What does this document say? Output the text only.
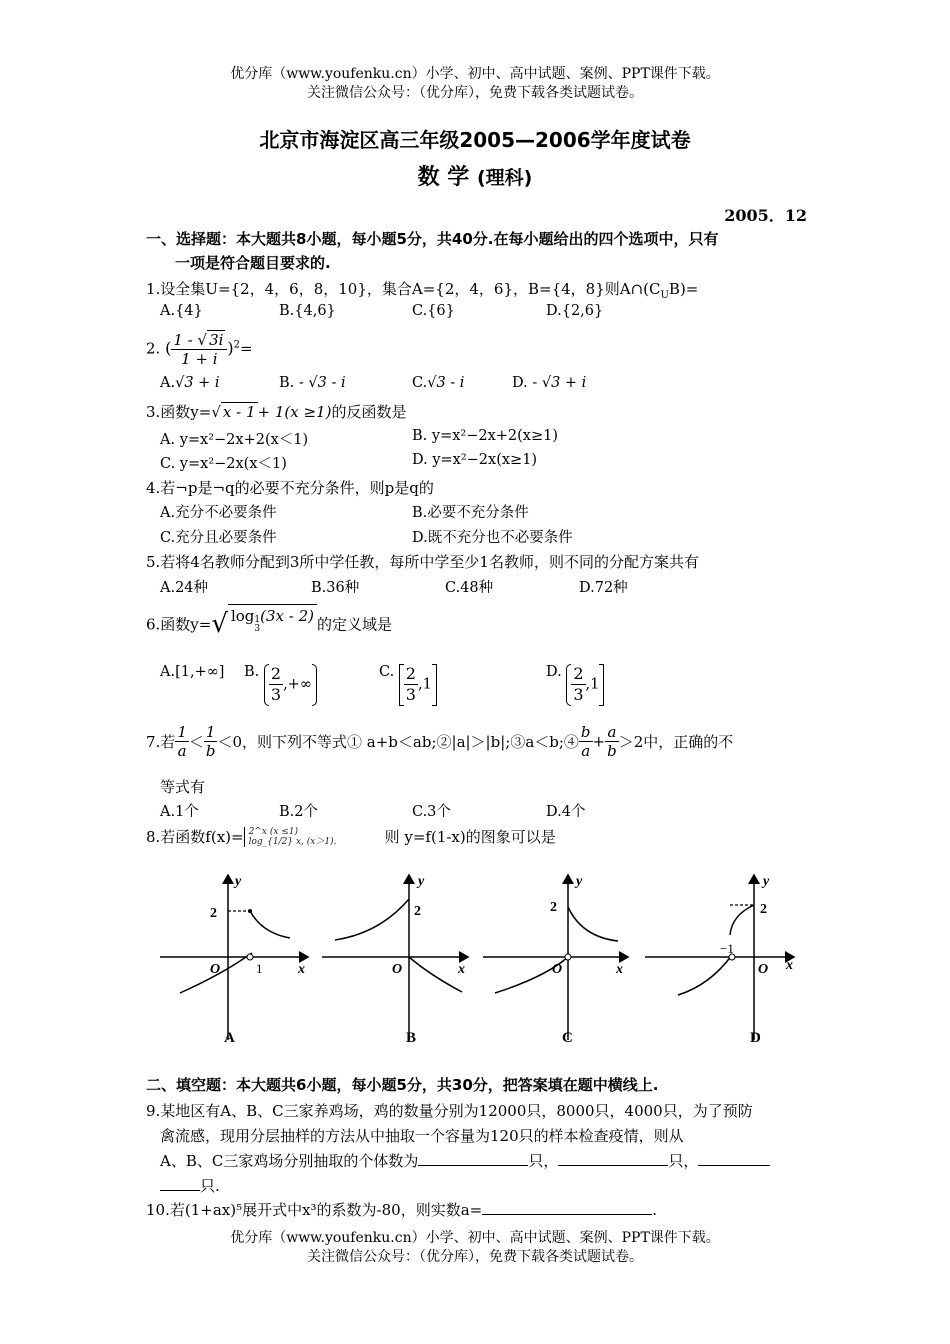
优分库（www.youfenku.cn）小学、初中、高中试题、案例、PPT课件下载。
关注微信公众号：（优分库），免费下载各类试题试卷。
北京市海淀区高三年级2005—2006学年度试卷
数 学 (理科)
2005．12
一、选择题：本大题共8小题，每小题5分，共40分.在每小题给出的四个选项中，只有
一项是符合题目要求的.
1.设全集U={2，4，6，8，10}，集合A={2，4，6}，B={4，8}则$A\cap(C_UB)=$
A.{4}	B.{4,6}	C.{6}	D.{2,6}
2. ( $\frac{1 - √ 3i}{1 + i} )^2=$
A.√3 + i	B. - √3 - i	C.√3 - i	D. - √3 + i
3.函数y=√ x - 1 + 1(x ≥1)的反函数是
A. y=x²−2x+2(x＜1)	B. y=x²−2x+2(x≥1)
C. y=x²−2x(x＜1)	D. y=x²−2x(x≥1)
4.若¬p是¬q的必要不充分条件，则p是q的
A.充分不必要条件	B.必要不充分条件
C.充分且必要条件	D.既不充分也不必要条件
5.若将4名教师分配到3所中学任教，每所中学至少1名教师，则不同的分配方案共有
A.24种	B.36种	C.48种	D.72种
6.函数y=√ log 1
3
(3x - 2) 的定义域是
A.[1,+∞] B. $\frac{2}{3}$ ,+∞
C. $\frac{2}{3} ,1$
D. $\frac{2}{3} ,1$
7.若 $\frac{1}{a} < \frac{1}{b} <0$，则下列不等式① a+b＜ab;②|a|＞|b|;③a＜b;④ $\frac{b}{a} + \frac{a}{b} >2$中，正确的不
等式有
A.1个	B.2个	C.3个	D.4个
8.若函数f(x)= 2^x (x ≤1)
log_{1/2} x, (x＞1).	则 y=f(1-x)的图象可以是
y
x
O
2
1
A
y
x
O
2
B
y
x
O
2
C
y
x
O
2
−1
D
二、填空题：本大题共6小题，每小题5分，共30分，把答案填在题中横线上.
9.某地区有A、B、C三家养鸡场，鸡的数量分别为12000只，8000只，4000只，为了预防
禽流感，现用分层抽样的方法从中抽取一个容量为120只的样本检查疫情，则从
A、B、C三家鸡场分别抽取的个体数为	只，	只，
只.
10.若(1+ax)⁵展开式中x³的系数为-80，则实数a=	.
优分库（www.youfenku.cn）小学、初中、高中试题、案例、PPT课件下载。
关注微信公众号：（优分库），免费下载各类试题试卷。
